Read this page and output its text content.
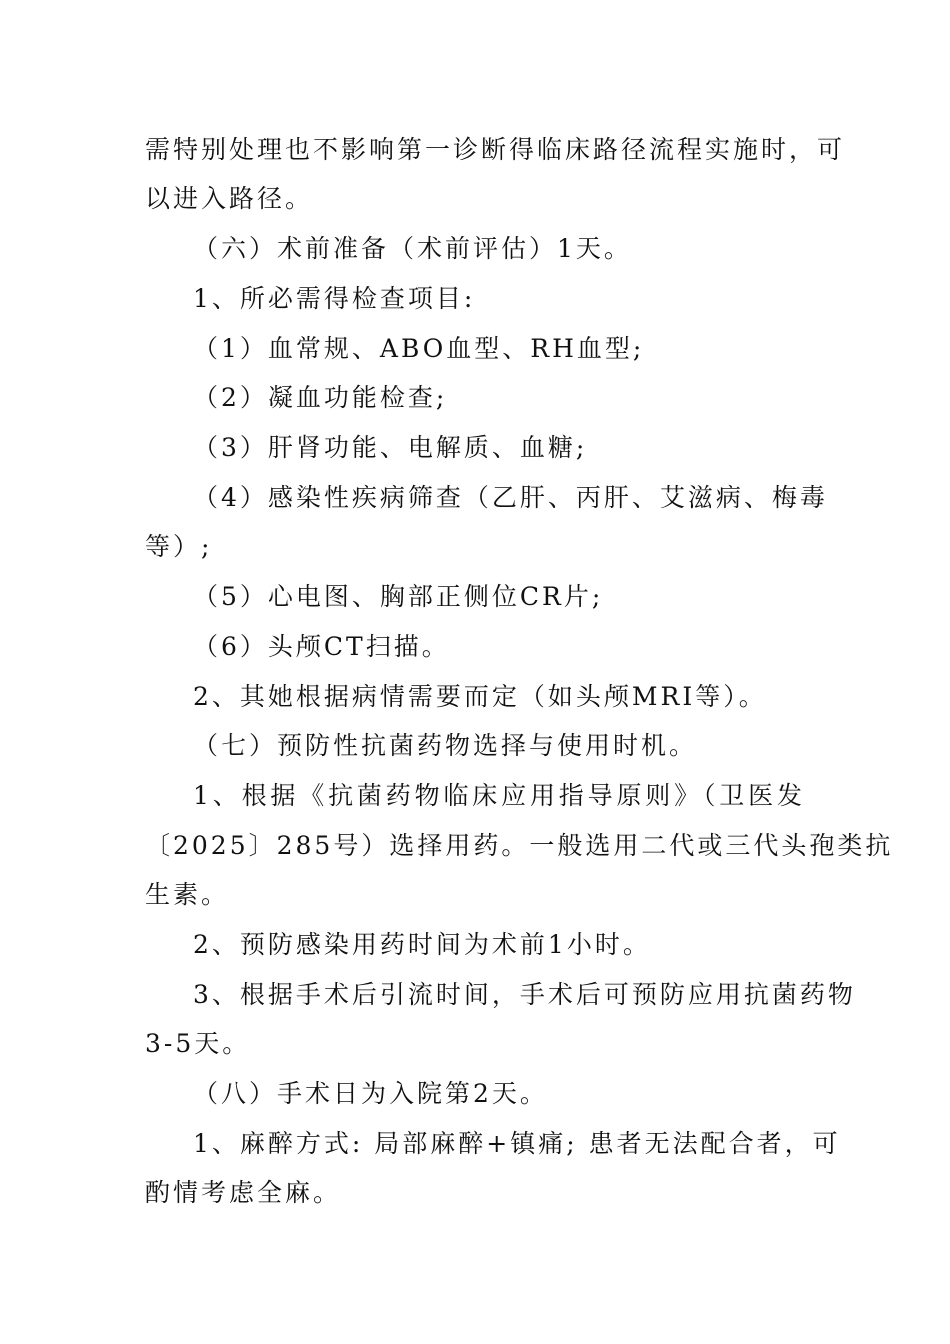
需特别处理也不影响第一诊断得临床路径流程实施时，可
以进入路径。
（六）术前准备（术前评估）1天。
1、所必需得检查项目:
（1）血常规、ABO血型、RH血型;
（2）凝血功能检查;
（3）肝肾功能、电解质、血糖;
（4）感染性疾病筛查（乙肝、丙肝、艾滋病、梅毒
等）;
（5）心电图、胸部正侧位CR片;
（6）头颅CT扫描。
2、其她根据病情需要而定（如头颅MRI等）。
（七）预防性抗菌药物选择与使用时机。
1、根据《抗菌药物临床应用指导原则》（卫医发
〔2025〕285号）选择用药。一般选用二代或三代头孢类抗
生素。
2、预防感染用药时间为术前1小时。
3、根据手术后引流时间，手术后可预防应用抗菌药物
3-5天。
（八）手术日为入院第2天。
1、麻醉方式: 局部麻醉+镇痛; 患者无法配合者，可
酌情考虑全麻。
